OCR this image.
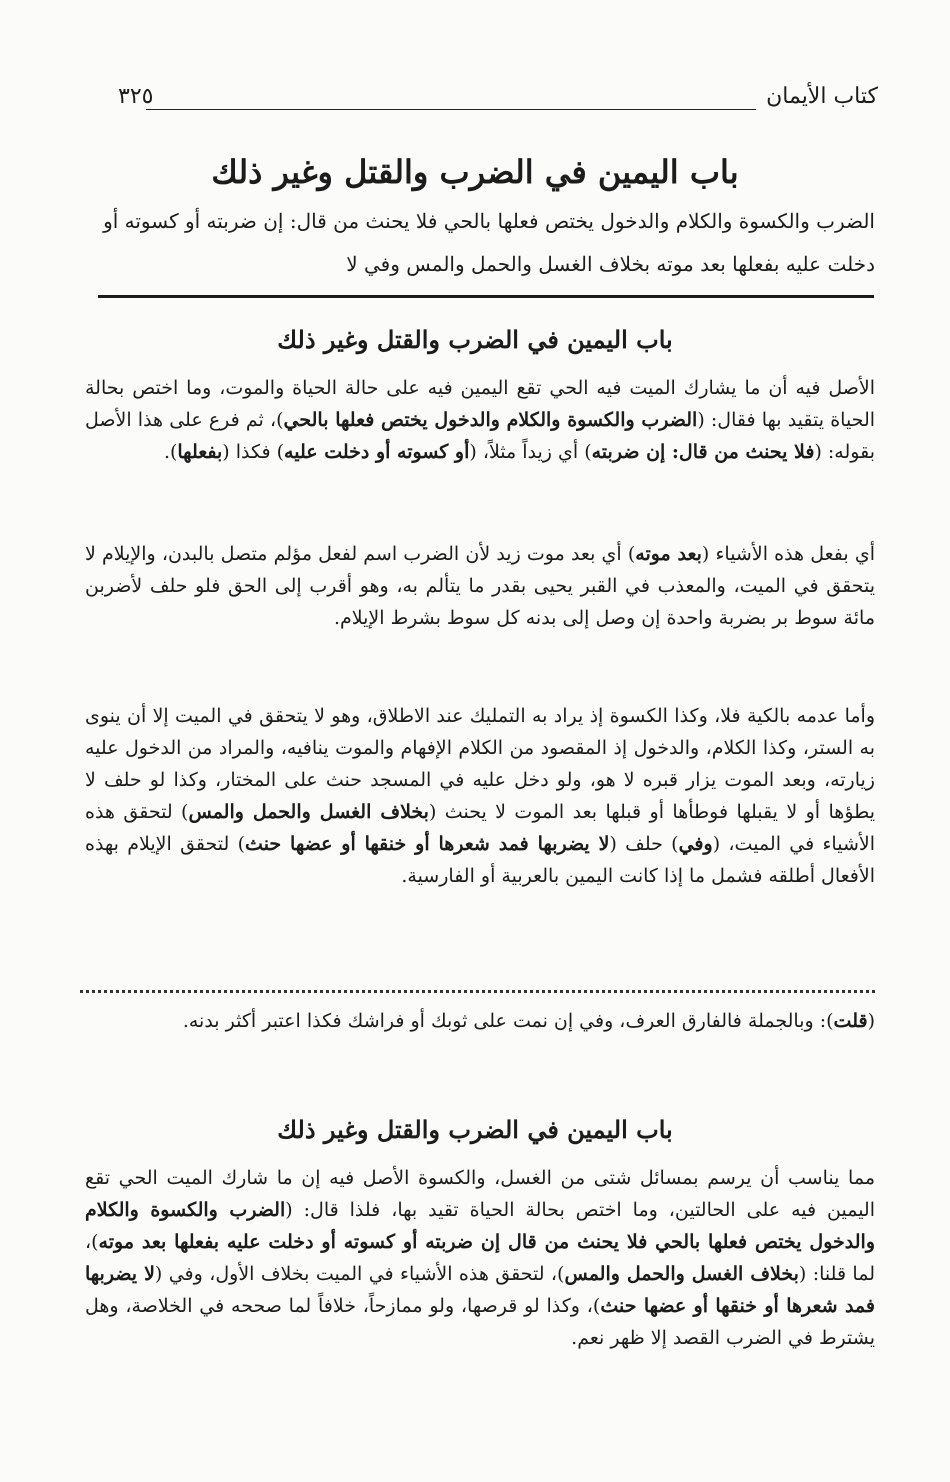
٣٢٥	كتاب الأيمان
باب اليمين في الضرب والقتل وغير ذلك
الضرب والكسوة والكلام والدخول يختص فعلها بالحي فلا يحنث من قال: إن ضربته أو كسوته أو دخلت عليه بفعلها بعد موته بخلاف الغسل والحمل والمس وفي لا
باب اليمين في الضرب والقتل وغير ذلك
الأصل فيه أن ما يشارك الميت فيه الحي تقع اليمين فيه على حالة الحياة والموت، وما اختص بحالة الحياة يتقيد بها فقال: (الضرب والكسوة والكلام والدخول يختص فعلها بالحي)، ثم فرع على هذا الأصل بقوله: (فلا يحنث من قال: إن ضربته) أي زيداً مثلاً، (أو كسوته أو دخلت عليه) فكذا (بفعلها).
أي بفعل هذه الأشياء (بعد موته) أي بعد موت زيد لأن الضرب اسم لفعل مؤلم متصل بالبدن، والإيلام لا يتحقق في الميت، والمعذب في القبر يحيى بقدر ما يتألم به، وهو أقرب إلى الحق فلو حلف لأضربن مائة سوط بر بضربة واحدة إن وصل إلى بدنه كل سوط بشرط الإيلام.
وأما عدمه بالكية فلا، وكذا الكسوة إذ يراد به التمليك عند الاطلاق، وهو لا يتحقق في الميت إلا أن ينوى به الستر، وكذا الكلام، والدخول إذ المقصود من الكلام الإفهام والموت ينافيه، والمراد من الدخول عليه زيارته، وبعد الموت يزار قبره لا هو، ولو دخل عليه في المسجد حنث على المختار، وكذا لو حلف لا يطؤها أو لا يقبلها فوطأها أو قبلها بعد الموت لا يحنث (بخلاف الغسل والحمل والمس) لتحقق هذه الأشياء في الميت، (وفي) حلف (لا يضربها فمد شعرها أو خنقها أو عضها حنث) لتحقق الإيلام بهذه الأفعال أطلقه فشمل ما إذا كانت اليمين بالعربية أو الفارسية.
(قلت): وبالجملة فالفارق العرف، وفي إن نمت على ثوبك أو فراشك فكذا اعتبر أكثر بدنه.
باب اليمين في الضرب والقتل وغير ذلك
مما يناسب أن يرسم بمسائل شتى من الغسل، والكسوة الأصل فيه إن ما شارك الميت الحي تقع اليمين فيه على الحالتين، وما اختص بحالة الحياة تقيد بها، فلذا قال: (الضرب والكسوة والكلام والدخول يختص فعلها بالحي فلا يحنث من قال إن ضربته أو كسوته أو دخلت عليه بفعلها بعد موته)، لما قلنا: (بخلاف الغسل والحمل والمس)، لتحقق هذه الأشياء في الميت بخلاف الأول، وفي (لا يضربها فمد شعرها أو خنقها أو عضها حنث)، وكذا لو قرصها، ولو ممازحاً، خلافاً لما صححه في الخلاصة، وهل يشترط في الضرب القصد إلا ظهر نعم.
